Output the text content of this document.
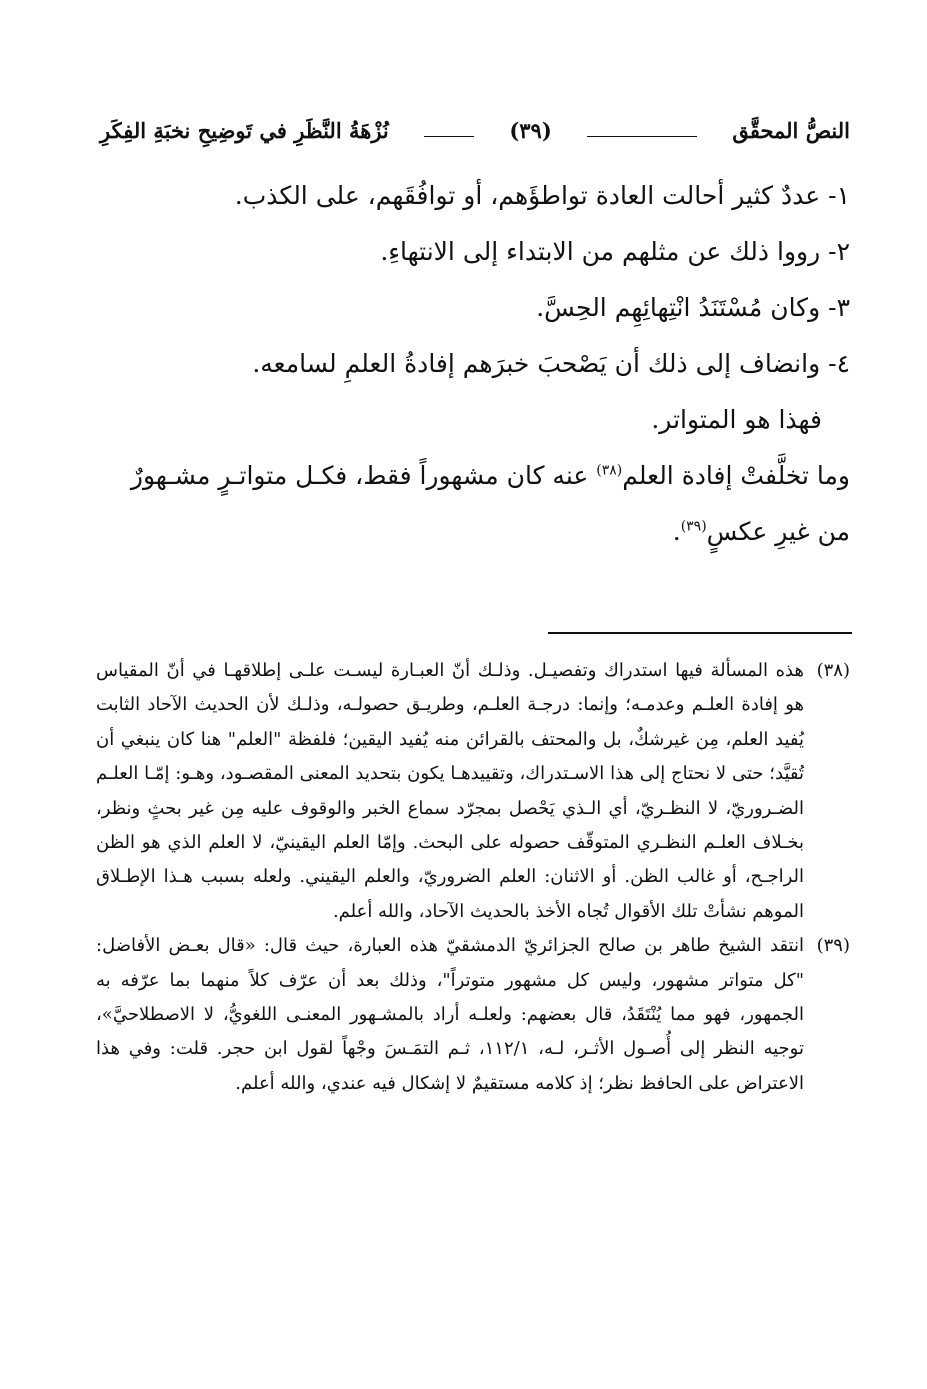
النصُّ المحقَّق
(٣٩)
نُزْهَةُ النَّظَرِ في تَوضِيحِ نخبَةِ الفِكَرِ

١- عددٌ كثير أحالت العادة تواطؤَهم، أو توافُقَهم، على الكذب.

٢- رووا ذلك عن مثلهم من الابتداء إلى الانتهاءِ.

٣- وكان مُسْتَنَدُ انْتِهائِهِم الحِسَّ.

٤- وانضاف إلى ذلك أن يَصْحبَ خبرَهم إفادةُ العلمِ لسامعه.

فهذا هو المتواتر.

وما تخلَّفتْ إفادة العلم$^{(٣٨)}$ عنه كان مشهوراً فقط، فكـل متواتـرٍ مشـهورٌ من غيرِ عكسٍ$^{(٣٩)}$.

(٣٨)
هذه المسألة فيها استدراك وتفصيـل. وذلـك أنّ العبـارة ليسـت علـى إطلاقهـا في أنّ المقياس هو إفادة العلـم وعدمـه؛ وإنما: درجـة العلـم، وطريـق حصولـه، وذلـك لأن الحديث الآحاد الثابت يُفيد العلم، مِن غيرشكٌ، بل والمحتف بالقرائن منه يُفيد اليقين؛ فلفظة "العلم" هنا كان ينبغي أن تُقيَّد؛ حتى لا نحتاج إلى هذا الاسـتدراك، وتقييدهـا يكون بتحديد المعنى المقصـود، وهـو: إمّـا العلـم الضـروريّ، لا النظـريّ، أي الـذي يَحْصل بمجرّد سماع الخبر والوقوف عليه مِن غير بحثٍ ونظر، بخـلاف العلـم النظـري المتوقّف حصوله على البحث. وإمّا العلم اليقينيّ، لا العلم الذي هو الظن الراجـح، أو غالب الظن. أو الاثنان: العلم الضروريّ، والعلم اليقيني. ولعله بسبب هـذا الإطـلاق الموهم نشأتْ تلك الأقوال تُجاه الأخذ بالحديث الآحاد، والله أعلم.

(٣٩)
انتقد الشيخ طاهر بن صالح الجزائريّ الدمشقيّ هذه العبارة، حيث قال: «قال بعـض الأفاضل: "كل متواتر مشهور، وليس كل مشهور متوتراً"، وذلك بعد أن عرّف كلاً منهما بما عرّفه به الجمهور، فهو مما يُنْتَقَدُ، قال بعضهم: ولعلـه أراد بالمشـهور المعنـى اللغويُّ، لا الاصطلاحيَّ»، توجيه النظر إلى أُصـول الأثـر، لـه، ١١٢/١، ثـم التمَـسَ وجْهاً لقول ابن حجر. قلت: وفي هذا الاعتراض على الحافظ نظر؛ إذ كلامه مستقيمٌ لا إشكال فيه عندي، والله أعلم.
